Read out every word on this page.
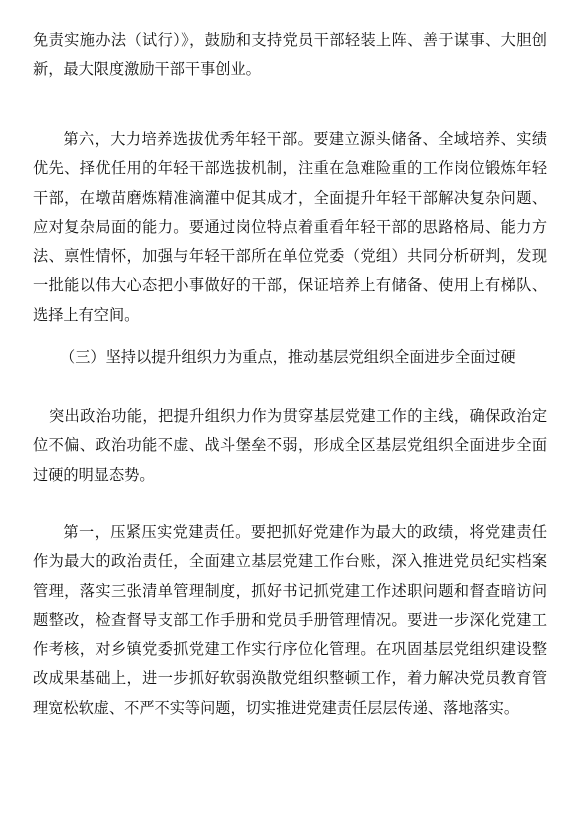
免责实施办法（试行）》，鼓励和支持党员干部轻装上阵、善于谋事、大胆创新，最大限度激励干部干事创业。

第六，大力培养选拔优秀年轻干部。要建立源头储备、全域培养、实绩优先、择优任用的年轻干部选拔机制，注重在急难险重的工作岗位锻炼年轻干部，在墩苗磨炼精准滴灌中促其成才，全面提升年轻干部解决复杂问题、应对复杂局面的能力。要通过岗位特点着重看年轻干部的思路格局、能力方法、禀性情怀，加强与年轻干部所在单位党委（党组）共同分析研判，发现一批能以伟大心态把小事做好的干部，保证培养上有储备、使用上有梯队、选择上有空间。

（三）坚持以提升组织力为重点，推动基层党组织全面进步全面过硬

突出政治功能，把提升组织力作为贯穿基层党建工作的主线，确保政治定位不偏、政治功能不虚、战斗堡垒不弱，形成全区基层党组织全面进步全面过硬的明显态势。

第一，压紧压实党建责任。要把抓好党建作为最大的政绩，将党建责任作为最大的政治责任，全面建立基层党建工作台账，深入推进党员纪实档案管理，落实三张清单管理制度，抓好书记抓党建工作述职问题和督查暗访问题整改，检查督导支部工作手册和党员手册管理情况。要进一步深化党建工作考核，对乡镇党委抓党建工作实行序位化管理。在巩固基层党组织建设整改成果基础上，进一步抓好软弱涣散党组织整顿工作，着力解决党员教育管理宽松软虚、不严不实等问题，切实推进党建责任层层传递、落地落实。
